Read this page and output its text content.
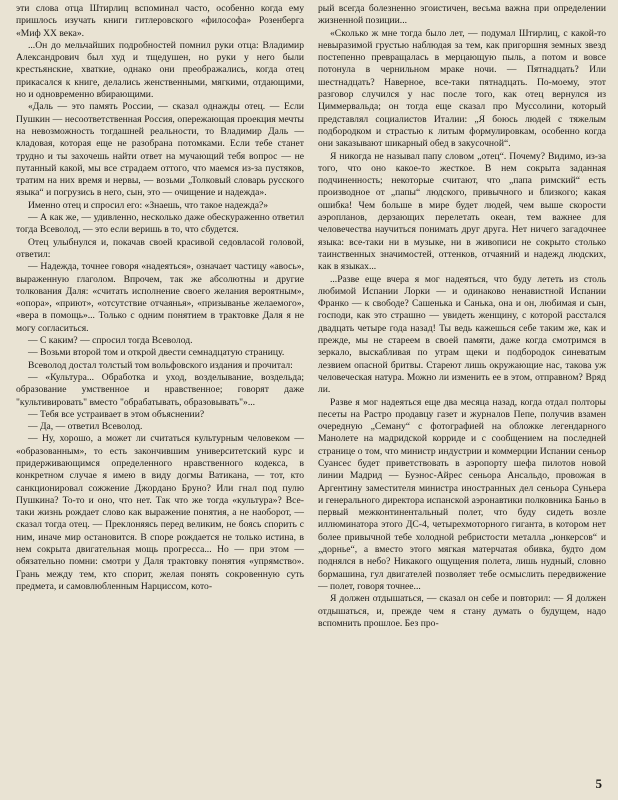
эти слова отца Штирлиц вспоминал часто, особенно когда ему пришлось изучать книги гитлеровского «философа» Розенберга «Миф XX века».

...Он до мельчайших подробностей помнил руки отца: Владимир Александрович был худ и тщедушен, но руки у него были крестьянские, хваткие, однако они преображались, когда отец прикасался к книге, делались женственными, мягкими, отдающими, но и одновременно вбирающими.

«Даль — это память России, — сказал однажды отец. — Если Пушкин — несоответственная Россия, опережающая проекция мечты на невозможность тогдашней реальности, то Владимир Даль — кладовая, которая еще не разобрана потомками. Если тебе станет трудно и ты захочешь найти ответ на мучающий тебя вопрос — не путанный какой, мы все страдаем оттого, что маемся из-за пустяков, тратим на них время и нервы, — возьми „Толковый словарь русского языка“ и погрузись в него, сын, это — очищение и надежда».

Именно отец и спросил его: «Знаешь, что такое надежда?»

— А как же, — удивленно, несколько даже обескураженно ответил тогда Всеволод, — это если веришь в то, что сбудется.

Отец улыбнулся и, покачав своей красивой седовласой головой, ответил:

— Надежда, точнее говоря «надеяться», означает частицу «авось», выраженную глаголом. Впрочем, так же абсолютны и другие толкования Даля: «считать исполнение своего желания вероятным», «опора», «приют», «отсутствие отчаянья», «призыванье желаемого», «вера в помощь»... Только с одним понятием в трактовке Даля я не могу согласиться.

— С каким? — спросил тогда Всеволод.

— Возьми второй том и открой двести семнадцатую страницу.

Всеволод достал толстый том вольфовского издания и прочитал:

— «Культура... Обработка и уход, возделывание, воздельда; образование умственное и нравственное; говорят даже "культивировать" вместо "обрабатывать, образовывать"»...

— Тебя все устраивает в этом объяснении?

— Да, — ответил Всеволод.

— Ну, хорошо, а может ли считаться культурным человеком — «образованным», то есть закончившим университетский курс и придерживающимся определенного нравственного кодекса, в конкретном случае я имею в виду догмы Ватикана, — тот, кто санкционировал сожжение Джордано Бруно? Или гнал под пулю Пушкина? То-то и оно, что нет. Так что же тогда «культура»? Все-таки жизнь рождает слово как выражение понятия, а не наоборот, — сказал тогда отец. — Преклоняясь перед великим, не боясь спорить с ним, иначе мир остановится. В споре рождается не только истина, в нем сокрыта двигательная мощь прогресса... Но — при этом — обязательно помни: смотри у Даля трактовку понятия «упрямство». Грань между тем, кто спорит, желая понять сокровенную суть предмета, и самовлюбленным Нарциссом, кото-

рый всегда болезненно эгоистичен, весьма важна при определении жизненной позиции...

«Сколько ж мне тогда было лет, — подумал Штирлиц, с какой-то невыразимой грустью наблюдая за тем, как пригоршня земных звезд постепенно превращалась в мерцающую пыль, а потом и вовсе потонула в чернильном мраке ночи. — Пятнадцать? Или шестнадцать? Наверное, все-таки пятнадцать. По-моему, этот разговор случился у нас после того, как отец вернулся из Циммервальда; он тогда еще сказал про Муссолини, который представлял социалистов Италии: „Я боюсь людей с тяжелым подбородком и страстью к литым формулировкам, особенно когда они заказывают шикарный обед в закусочной“.

Я никогда не называл папу словом „отец“. Почему? Видимо, из-за того, что оно какое-то жесткое. В нем сокрыта заданная подчиненность; некоторые считают, что „папа римский“ есть производное от „папы“ людского, привычного и близкого; какая ошибка! Чем больше в мире будет людей, чем выше скорости аэропланов, дерзающих перелетать океан, тем важнее для человечества научиться понимать друг друга. Нет ничего загадочнее языка: все-таки ни в музыке, ни в живописи не сокрыто столько таинственных значимостей, оттенков, отчаяний и надежд людских, как в языках...

...Разве еще вчера я мог надеяться, что буду лететь из столь любимой Испании Лорки — и одинаково ненавистной Испании Франко — к свободе? Сашенька и Санька, она и он, любимая и сын, господи, как это страшно — увидеть женщину, с которой расстался двадцать четыре года назад! Ты ведь кажешься себе таким же, как и прежде, мы не стареем в своей памяти, даже когда смотримся в зеркало, выскабливая по утрам щеки и подбородок синеватым лезвием опасной бритвы. Стареют лишь окружающие нас, такова уж человеческая натура. Можно ли изменить ее в этом, отправном? Вряд ли.

Разве я мог надеяться еще два месяца назад, когда отдал полторы песеты на Растро продавцу газет и журналов Пепе, получив взамен очередную „Семану“ с фотографией на обложке легендарного Манолете на мадридской корриде и с сообщением на последней странице о том, что министр индустрии и коммерции Испании сеньор Суансес будет приветствовать в аэропорту шефа пилотов новой линии Мадрид — Буэнос-Айрес сеньора Ансальдо, провожая в Аргентину заместителя министра иностранных дел сеньора Суньера и генерального директора испанской аэронавтики полковника Баньо в первый межконтинентальный полет, что буду сидеть возле иллюминатора этого ДС-4, четырехмоторного гиганта, в котором нет более привычной тебе холодной ребристости металла „юнкерсов“ и „дорнье“, а вместо этого мягкая матерчатая обивка, будто дом поднялся в небо? Никакого ощущения полета, лишь нудный, словно бормашина, гул двигателей позволяет тебе осмыслить передвижение — полет, говоря точнее...

Я должен отдышаться, — сказал он себе и повторил: — Я должен отдышаться, и, прежде чем я стану думать о будущем, надо вспомнить прошлое. Без про-

5
